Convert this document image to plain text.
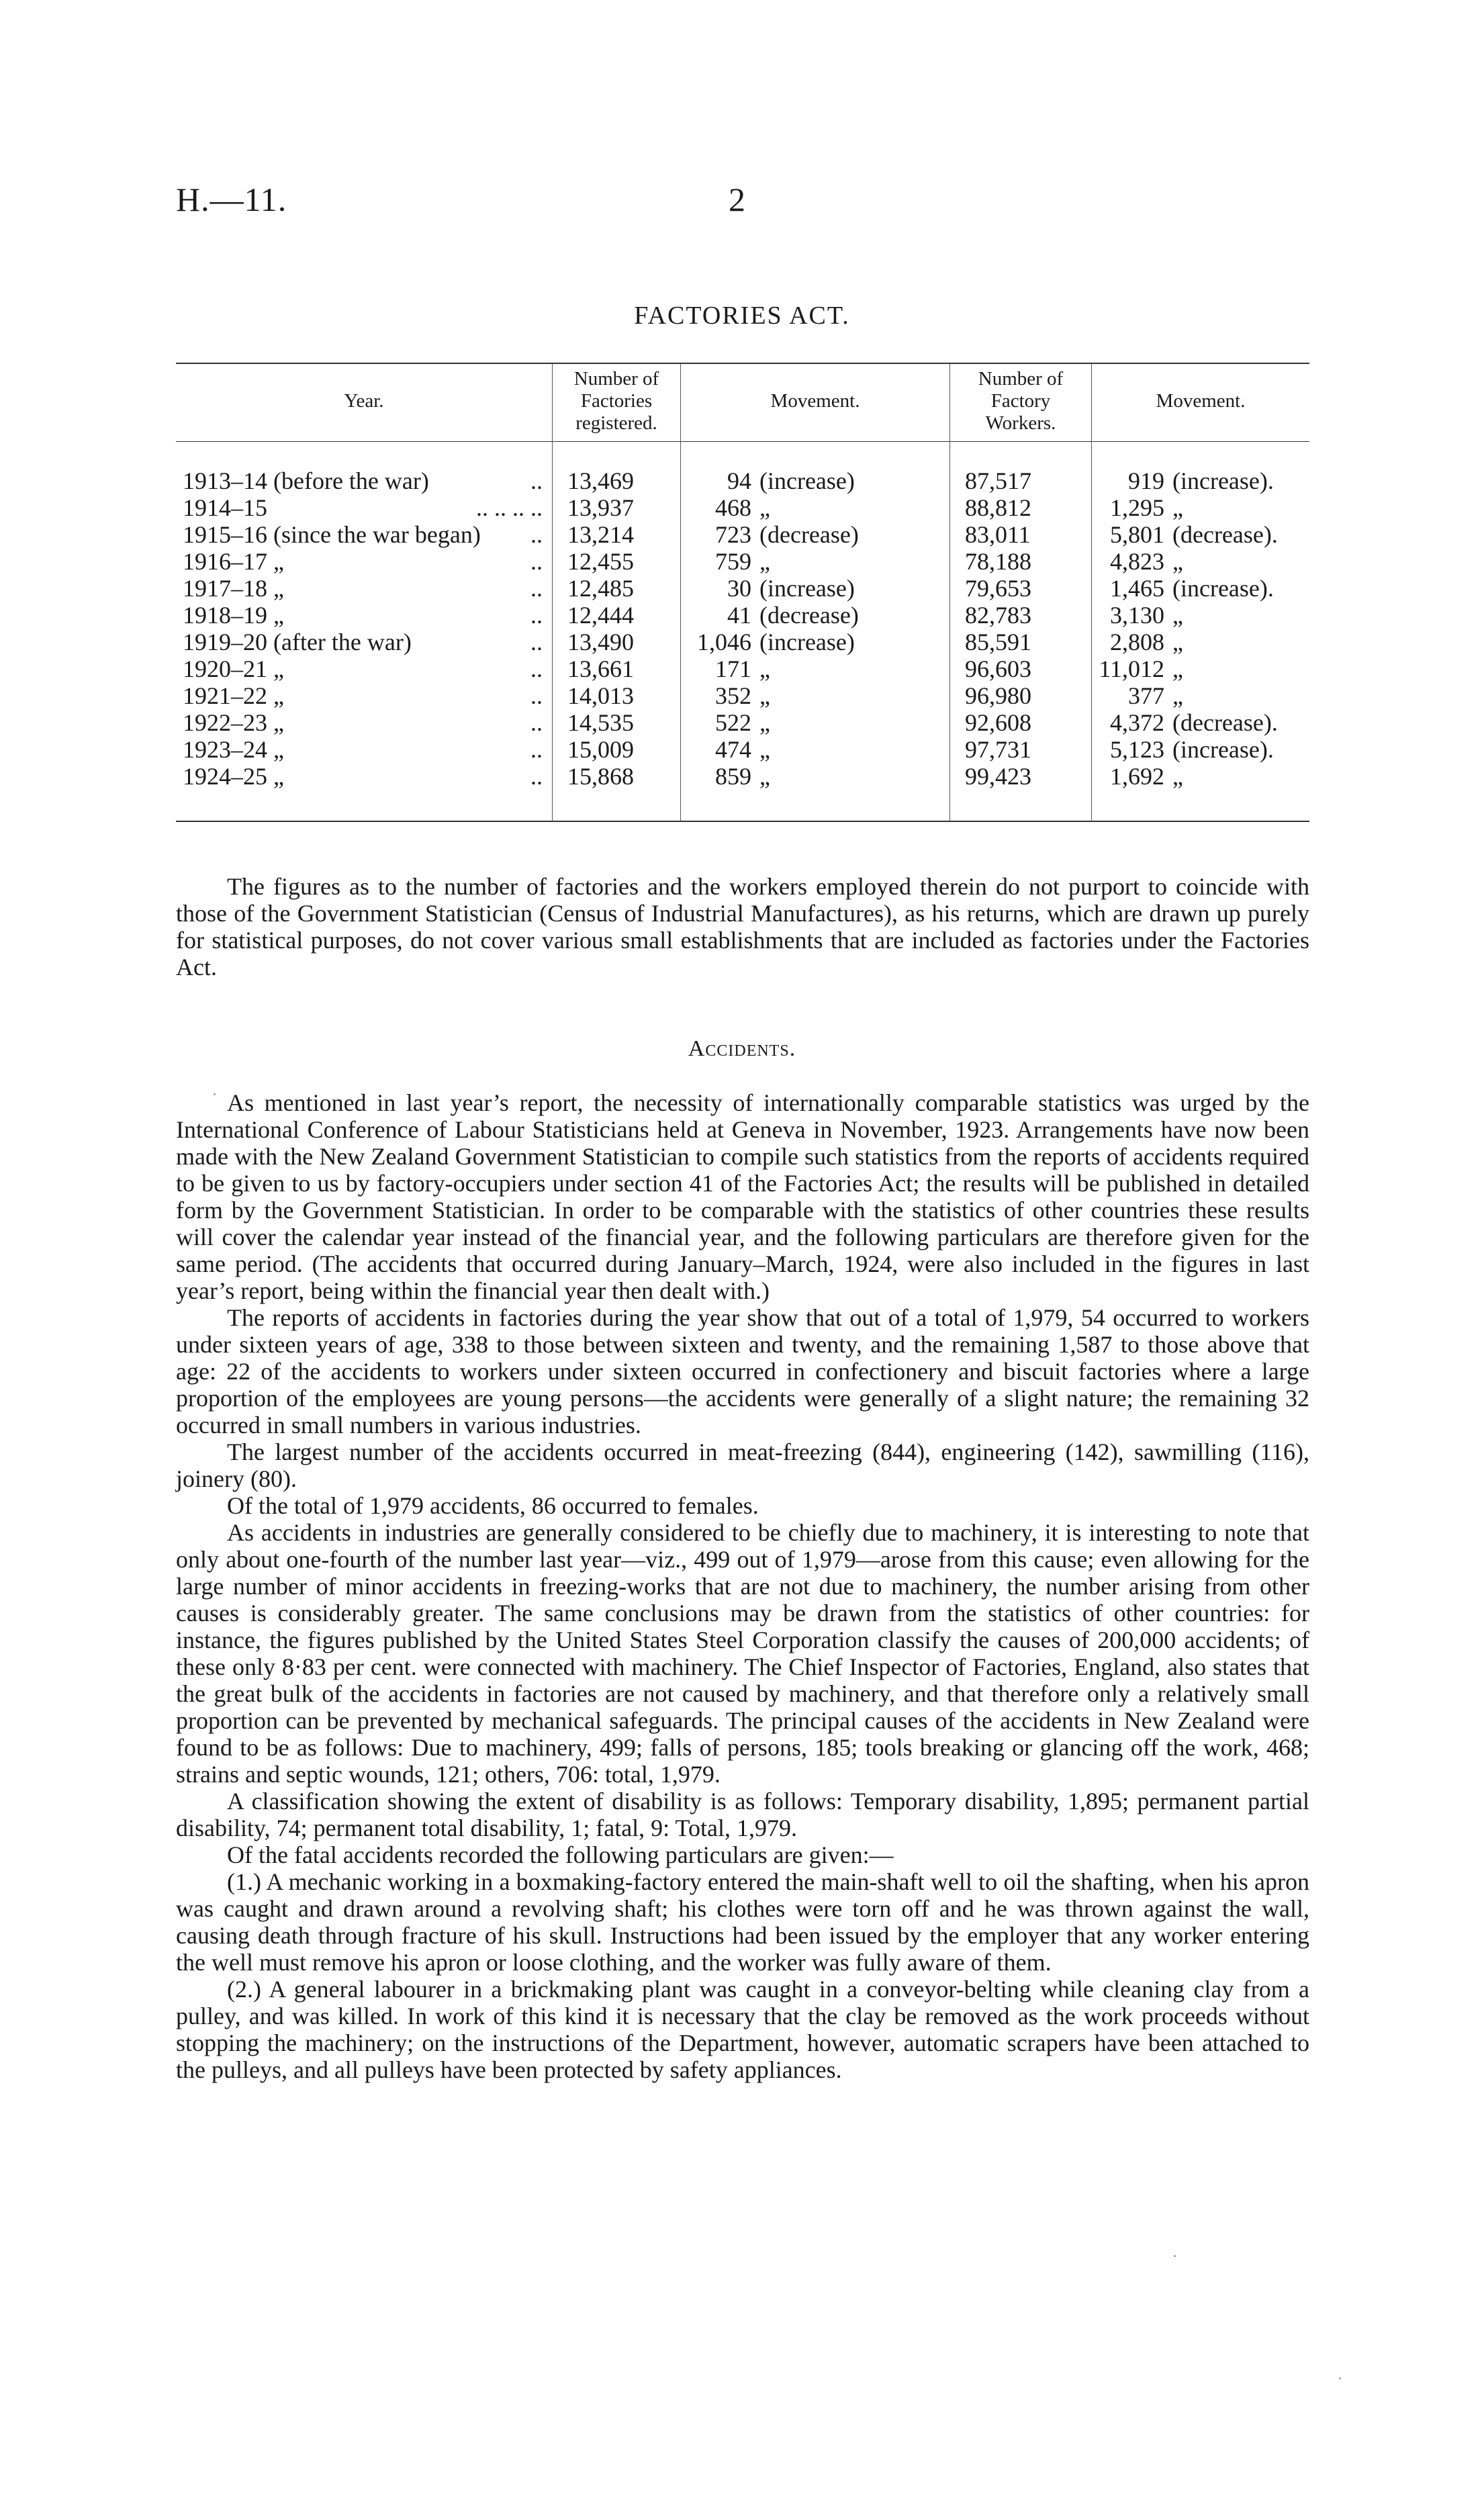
H.—11.	2
FACTORIES ACT.
Year.	Number of Factories registered.	Movement.	Number of Factory Workers.	Movement.

1913–14 (before the war) ..	13,469	94 (increase)	87,517	919 (increase).
1914–15 .. .. .. ..	13,937	468 „	88,812	1,295 „
1915–16 (since the war began) ..	13,214	723 (decrease)	83,011	5,801 (decrease).
1916–17 „ ..	12,455	759 „	78,188	4,823 „
1917–18 „ ..	12,485	30 (increase)	79,653	1,465 (increase).
1918–19 „ ..	12,444	41 (decrease)	82,783	3,130 „
1919–20 (after the war) ..	13,490	1,046 (increase)	85,591	2,808 „
1920–21 „ ..	13,661	171 „	96,603	11,012 „
1921–22 „ ..	14,013	352 „	96,980	377 „
1922–23 „ ..	14,535	522 „	92,608	4,372 (decrease).
1923–24 „ ..	15,009	474 „	97,731	5,123 (increase).
1924–25 „ ..	15,868	859 „	99,423	1,692 „

The figures as to the number of factories and the workers employed therein do not purport to coincide with those of the Government Statistician (Census of Industrial Manufactures), as his returns, which are drawn up purely for statistical purposes, do not cover various small establishments that are included as factories under the Factories Act.

Accidents.

As mentioned in last year’s report, the necessity of internationally comparable statistics was urged by the International Conference of Labour Statisticians held at Geneva in November, 1923. Arrangements have now been made with the New Zealand Government Statistician to compile such statistics from the reports of accidents required to be given to us by factory-occupiers under section 41 of the Factories Act; the results will be published in detailed form by the Government Statistician. In order to be comparable with the statistics of other countries these results will cover the calendar year instead of the financial year, and the following particulars are therefore given for the same period. (The accidents that occurred during January–March, 1924, were also included in the figures in last year’s report, being within the financial year then dealt with.)

The reports of accidents in factories during the year show that out of a total of 1,979, 54 occurred to workers under sixteen years of age, 338 to those between sixteen and twenty, and the remaining 1,587 to those above that age: 22 of the accidents to workers under sixteen occurred in confectionery and biscuit factories where a large proportion of the employees are young persons—the accidents were generally of a slight nature; the remaining 32 occurred in small numbers in various industries.

The largest number of the accidents occurred in meat-freezing (844), engineering (142), sawmilling (116), joinery (80).

Of the total of 1,979 accidents, 86 occurred to females.

As accidents in industries are generally considered to be chiefly due to machinery, it is interesting to note that only about one-fourth of the number last year—viz., 499 out of 1,979—arose from this cause; even allowing for the large number of minor accidents in freezing-works that are not due to machinery, the number arising from other causes is considerably greater. The same conclusions may be drawn from the statistics of other countries: for instance, the figures published by the United States Steel Corporation classify the causes of 200,000 accidents; of these only 8·83 per cent. were connected with machinery. The Chief Inspector of Factories, England, also states that the great bulk of the accidents in factories are not caused by machinery, and that therefore only a relatively small proportion can be prevented by mechanical safeguards. The principal causes of the accidents in New Zealand were found to be as follows: Due to machinery, 499; falls of persons, 185; tools breaking or glancing off the work, 468; strains and septic wounds, 121; others, 706: total, 1,979.

A classification showing the extent of disability is as follows: Temporary disability, 1,895; permanent partial disability, 74; permanent total disability, 1; fatal, 9: Total, 1,979.

Of the fatal accidents recorded the following particulars are given:—

(1.) A mechanic working in a boxmaking-factory entered the main-shaft well to oil the shafting, when his apron was caught and drawn around a revolving shaft; his clothes were torn off and he was thrown against the wall, causing death through fracture of his skull. Instructions had been issued by the employer that any worker entering the well must remove his apron or loose clothing, and the worker was fully aware of them.

(2.) A general labourer in a brickmaking plant was caught in a conveyor-belting while cleaning clay from a pulley, and was killed. In work of this kind it is necessary that the clay be removed as the work proceeds without stopping the machinery; on the instructions of the Department, however, automatic scrapers have been attached to the pulleys, and all pulleys have been protected by safety appliances.
